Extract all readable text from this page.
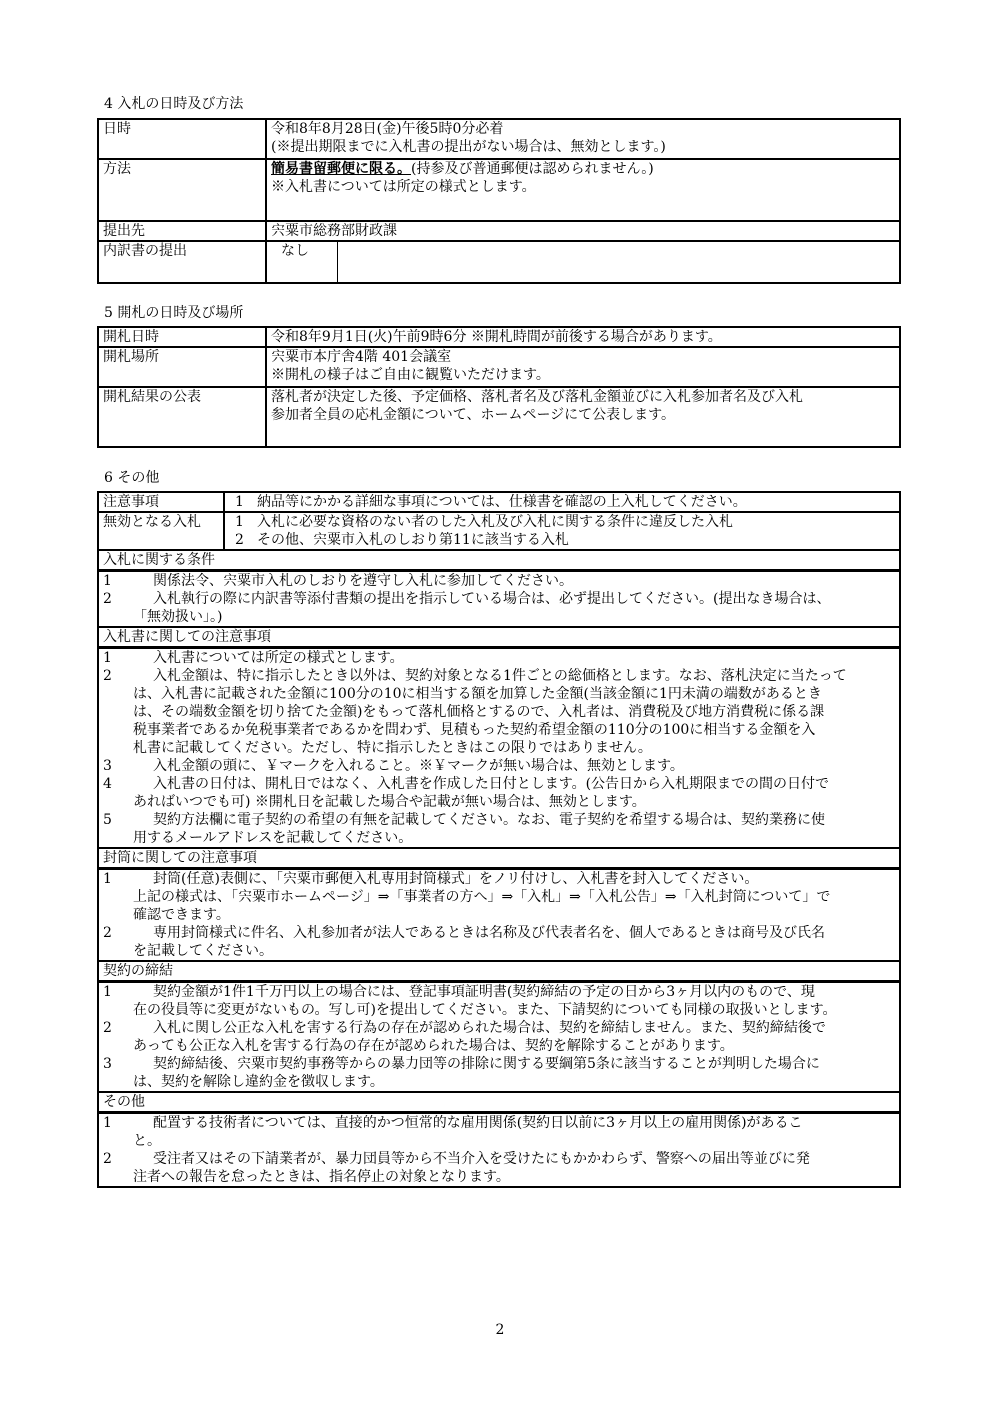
4 入札の日時及び方法
日時	令和8年8月28日(金)午後5時0分必着
(※提出期限までに入札書の提出がない場合は、無効とします。)

方法	簡易書留郵便に限る。(持参及び普通郵便は認められません。)
※入札書については所定の様式とします。

提出先	宍粟市総務部財政課
内訳書の提出	なし
5 開札の日時及び場所
開札日時	令和8年9月1日(火)午前9時6分 ※開札時間が前後する場合があります。
開札場所	宍粟市本庁舎4階 401会議室
※開札の様子はご自由に観覧いただけます。

開札結果の公表	落札者が決定した後、予定価格、落札者名及び落札金額並びに入札参加者名及び入札
参加者全員の応札金額について、ホームページにて公表します。
6 その他
注意事項	1 納品等にかかる詳細な事項については、仕様書を確認の上入札してください。
無効となる入札	1 入札に必要な資格のない者のした入札及び入札に関する条件に違反した入札
2 その他、宍粟市入札のしおり第11に該当する入札
入札に関する条件
1	関係法令、宍粟市入札のしおりを遵守し入札に参加してください。
2	入札執行の際に内訳書等添付書類の提出を指示している場合は、必ず提出してください。(提出なき場合は、
「無効扱い」。)
入札書に関しての注意事項
1	入札書については所定の様式とします。
2	入札金額は、特に指示したとき以外は、契約対象となる1件ごとの総価格とします。なお、落札決定に当たって
は、入札書に記載された金額に100分の10に相当する額を加算した金額(当該金額に1円未満の端数があるとき
は、その端数金額を切り捨てた金額)をもって落札価格とするので、入札者は、消費税及び地方消費税に係る課
税事業者であるか免税事業者であるかを問わず、見積もった契約希望金額の110分の100に相当する金額を入
札書に記載してください。ただし、特に指示したときはこの限りではありません。
3	入札金額の頭に、￥マークを入れること。※￥マークが無い場合は、無効とします。
4	入札書の日付は、開札日ではなく、入札書を作成した日付とします。(公告日から入札期限までの間の日付で
あればいつでも可) ※開札日を記載した場合や記載が無い場合は、無効とします。
5	契約方法欄に電子契約の希望の有無を記載してください。なお、電子契約を希望する場合は、契約業務に使
用するメールアドレスを記載してください。
封筒に関しての注意事項
1	封筒(任意)表側に、「宍粟市郵便入札専用封筒様式」をノリ付けし、入札書を封入してください。
上記の様式は、「宍粟市ホームページ」⇒「事業者の方へ」⇒「入札」⇒「入札公告」⇒「入札封筒について」で
確認できます。
2	専用封筒様式に件名、入札参加者が法人であるときは名称及び代表者名を、個人であるときは商号及び氏名
を記載してください。
契約の締結
1	契約金額が1件1千万円以上の場合には、登記事項証明書(契約締結の予定の日から3ヶ月以内のもので、現
在の役員等に変更がないもの。写し可)を提出してください。また、下請契約についても同様の取扱いとします。
2	入札に関し公正な入札を害する行為の存在が認められた場合は、契約を締結しません。また、契約締結後で
あっても公正な入札を害する行為の存在が認められた場合は、契約を解除することがあります。
3	契約締結後、宍粟市契約事務等からの暴力団等の排除に関する要綱第5条に該当することが判明した場合に
は、契約を解除し違約金を徴収します。
その他
1	配置する技術者については、直接的かつ恒常的な雇用関係(契約日以前に3ヶ月以上の雇用関係)があるこ
と。
2	受注者又はその下請業者が、暴力団員等から不当介入を受けたにもかかわらず、警察への届出等並びに発
注者への報告を怠ったときは、指名停止の対象となります。
2
